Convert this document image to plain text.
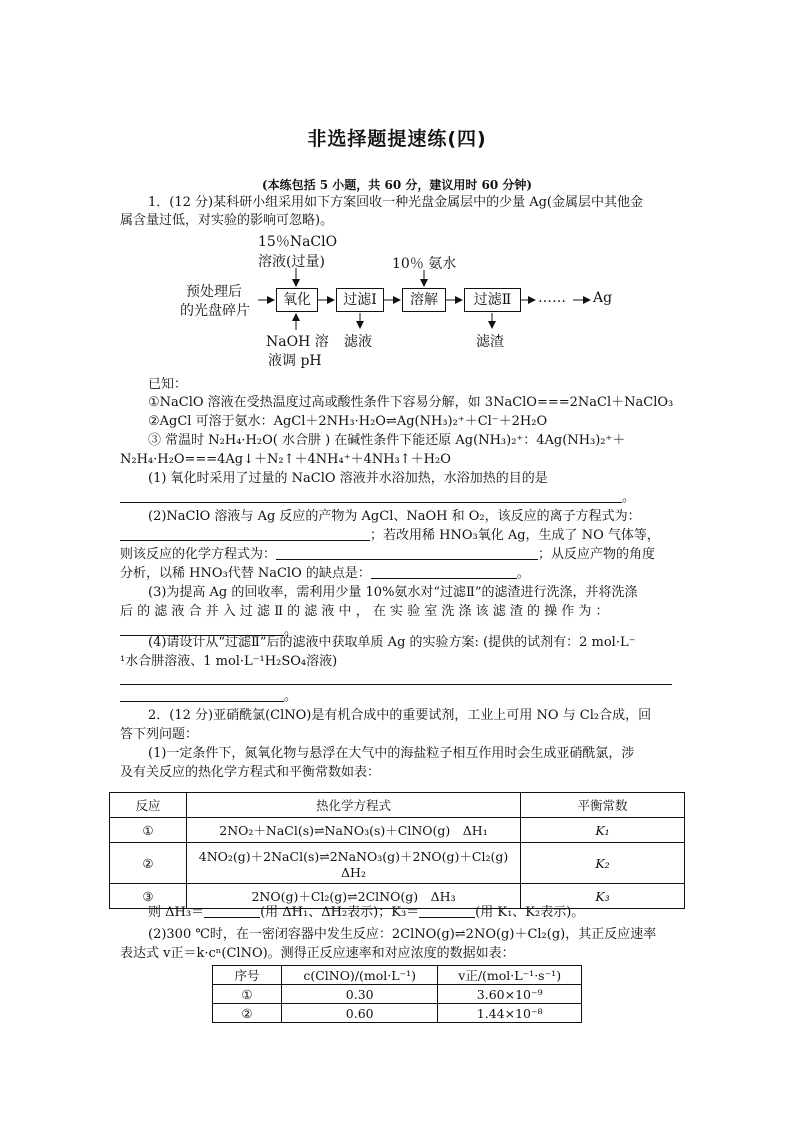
非选择题提速练(四)
(本练包括 5 小题，共 60 分，建议用时 60 分钟)
1．(12 分)某科研小组采用如下方案回收一种光盘金属层中的少量 Ag(金属层中其他金
属含量过低，对实验的影响可忽略)。
15％NaClO
溶液(过量)	10％ 氨水
预处理后
的光盘碎片
氧化	过滤Ⅰ	溶解	过滤Ⅱ	…… Ag
NaOH 溶
液调 pH
滤液	滤渣
已知：
①NaClO 溶液在受热温度过高或酸性条件下容易分解，如 3NaClO===2NaCl＋NaClO₃
②AgCl 可溶于氨水：AgCl＋2NH₃·H₂O⇌Ag(NH₃)₂⁺＋Cl⁻＋2H₂O
③ 常温时 N₂H₄·H₂O( 水合肼 ) 在碱性条件下能还原 Ag(NH₃)₂⁺：4Ag(NH₃)₂⁺＋
N₂H₄·H₂O===4Ag↓＋N₂↑＋4NH₄⁺＋4NH₃↑＋H₂O
(1) 氧化时采用了过量的 NaClO 溶液并水浴加热，水浴加热的目的是
。
(2)NaClO 溶液与 Ag 反应的产物为 AgCl、NaOH 和 O₂，该反应的离子方程式为：
；若改用稀 HNO₃氧化 Ag，生成了 NO 气体等，
则该反应的化学方程式为：	；从反应产物的角度
分析，以稀 HNO₃代替 NaClO 的缺点是：	。
(3)为提高 Ag 的回收率，需利用少量 10%氨水对“过滤Ⅱ”的滤渣进行洗涤，并将洗涤
后 的 滤 液 合 并 入 过 滤 Ⅱ 的 滤 液 中 ， 在 实 验 室 洗 涤 该 滤 渣 的 操 作 为 ：
。
(4)请设计从“过滤Ⅱ”后的滤液中获取单质 Ag 的实验方案: (提供的试剂有：2 mol·L⁻
¹水合肼溶液、1 mol·L⁻¹H₂SO₄溶液)
。
2．(12 分)亚硝酰氯(ClNO)是有机合成中的重要试剂，工业上可用 NO 与 Cl₂合成，回
答下列问题：
(1)一定条件下，氮氧化物与悬浮在大气中的海盐粒子相互作用时会生成亚硝酰氯，涉
及有关反应的热化学方程式和平衡常数如表：
反应	热化学方程式	平衡常数
①	2NO₂＋NaCl(s)⇌NaNO₃(s)＋ClNO(g)　ΔH₁	K₁
②	4NO₂(g)＋2NaCl(s)⇌2NaNO₃(g)＋2NO(g)＋Cl₂(g)
ΔH₂	K₂
③	2NO(g)＋Cl₂(g)⇌2ClNO(g)　ΔH₃	K₃
则 ΔH₃＝	(用 ΔH₁、ΔH₂表示)；K₃＝	(用 K₁、K₂表示)。
(2)300 ℃时，在一密闭容器中发生反应：2ClNO(g)⇌2NO(g)＋Cl₂(g)，其正反应速率
表达式 v正＝k·cⁿ(ClNO)。测得正反应速率和对应浓度的数据如表：
序号	c(ClNO)/(mol·L⁻¹)	v正/(mol·L⁻¹·s⁻¹)
①	0.30	3.60×10⁻⁹
②	0.60	1.44×10⁻⁸
